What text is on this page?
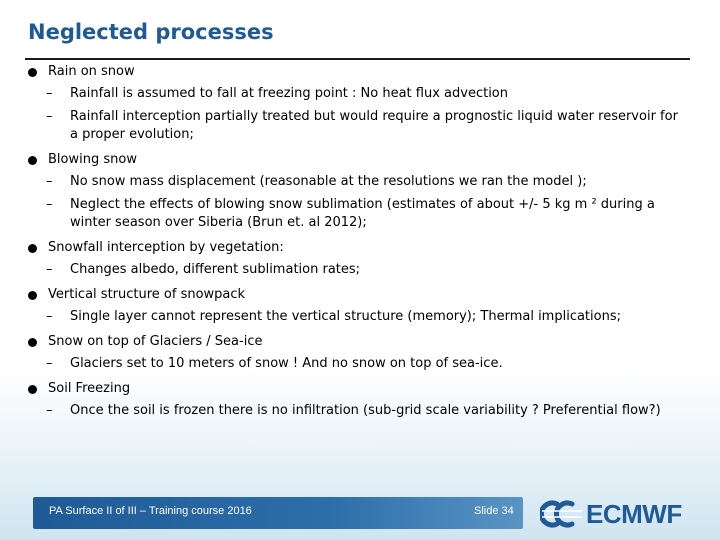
Neglected processes
Rain on snow
– Rainfall is assumed to fall at freezing point : No heat flux advection
– Rainfall interception partially treated but would require a prognostic liquid water reservoir for a proper evolution;
Blowing snow
– No snow mass displacement (reasonable at the resolutions we ran the model );
– Neglect the effects of blowing snow sublimation (estimates of about +/- 5 kg m ² during a winter season over Siberia (Brun et. al 2012);
Snowfall interception by vegetation:
– Changes albedo, different sublimation rates;
Vertical structure of snowpack
– Single layer cannot represent the vertical structure (memory); Thermal implications;
Snow on top of Glaciers / Sea-ice
– Glaciers set to 10 meters of snow ! And no snow on top of sea-ice.
Soil Freezing
– Once the soil is frozen there is no infiltration (sub-grid scale variability ? Preferential flow?)
PA Surface II of III – Training course 2016	Slide 34	ECMWF
